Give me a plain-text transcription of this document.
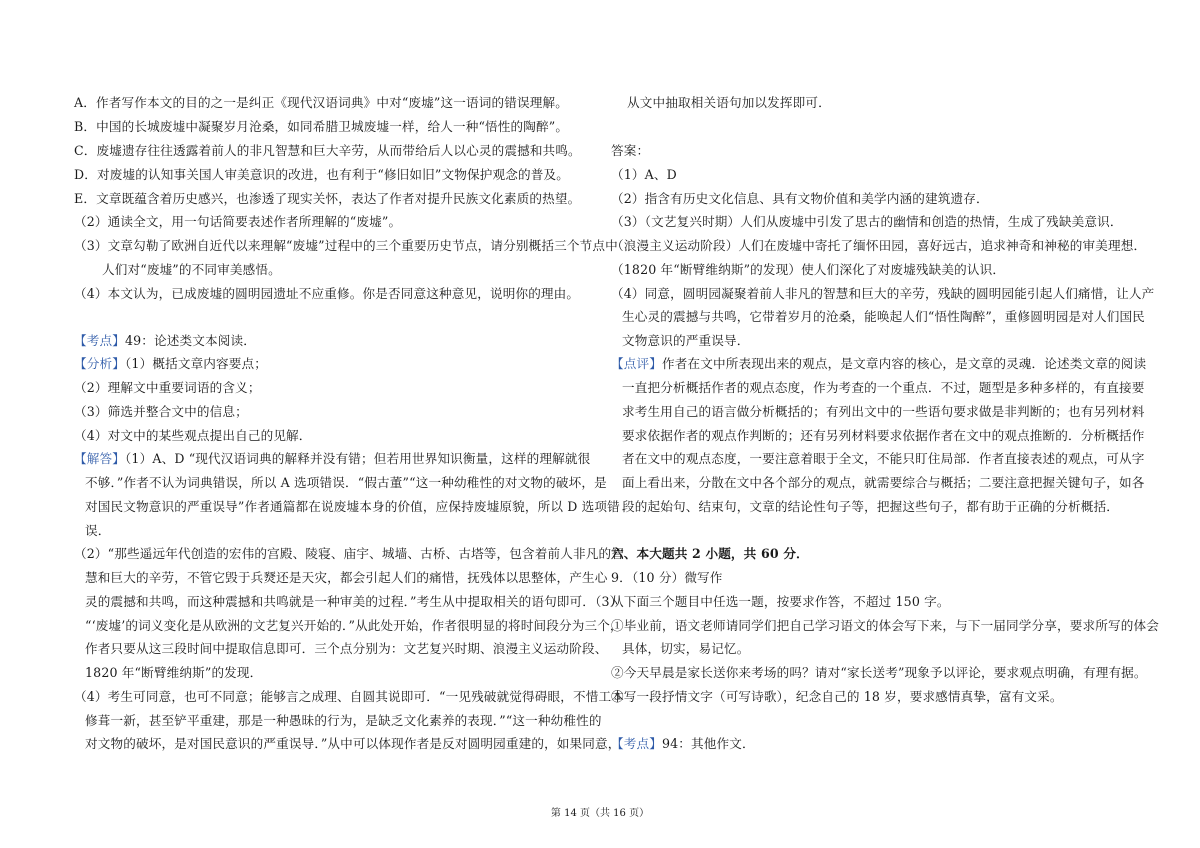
A．作者写作本文的目的之一是纠正《现代汉语词典》中对“废墟”这一语词的错误理解。
B．中国的长城废墟中凝聚岁月沧桑，如同希腊卫城废墟一样，给人一种“悟性的陶醉”。
C．废墟遗存往往透露着前人的非凡智慧和巨大辛劳，从而带给后人以心灵的震撼和共鸣。
D．对废墟的认知事关国人审美意识的改进，也有利于“修旧如旧”文物保护观念的普及。
E．文章既蕴含着历史感兴，也渗透了现实关怀，表达了作者对提升民族文化素质的热望。
（2）通读全文，用一句话简要表述作者所理解的“废墟”。
（3）文章勾勒了欧洲自近代以来理解“废墟”过程中的三个重要历史节点，请分别概括三个节点中
人们对“废墟”的不同审美感悟。
（4）本文认为，已成废墟的圆明园遗址不应重修。你是否同意这种意见，说明你的理由。
【考点】49：论述类文本阅读．
【分析】（1）概括文章内容要点；
（2）理解文中重要词语的含义；
（3）筛选并整合文中的信息；
（4）对文中的某些观点提出自己的见解．
【解答】（1）A、D “现代汉语词典的解释并没有错；但若用世界知识衡量，这样的理解就很
不够．”作者不认为词典错误，所以 A 选项错误．“假古董”“这一种幼稚性的对文物的破坏，是
对国民文物意识的严重误导”作者通篇都在说废墟本身的价值，应保持废墟原貌，所以 D 选项错
误．
（2）“那些遥远年代创造的宏伟的宫殿、陵寝、庙宇、城墙、古桥、古塔等，包含着前人非凡的智
慧和巨大的辛劳，不管它毁于兵燹还是天灾，都会引起人们的痛惜，抚残体以思整体，产生心
灵的震撼和共鸣，而这种震撼和共鸣就是一种审美的过程．”考生从中提取相关的语句即可．（3）
“‘废墟’的词义变化是从欧洲的文艺复兴开始的．”从此处开始，作者很明显的将时间段分为三个，
作者只要从这三段时间中提取信息即可．三个点分别为：文艺复兴时期、浪漫主义运动阶段、
1820 年“断臂维纳斯”的发现．
（4）考生可同意，也可不同意；能够言之成理、自圆其说即可．“一见残破就觉得碍眼，不惜工本
修葺一新，甚至铲平重建，那是一种愚昧的行为，是缺乏文化素养的表现．”“这一种幼稚性的
对文物的破坏，是对国民意识的严重误导．”从中可以体现作者是反对圆明园重建的，如果同意，
从文中抽取相关语句加以发挥即可．
答案：
（1）A、D
（2）指含有历史文化信息、具有文物价值和美学内涵的建筑遗存．
（3）（文艺复兴时期）人们从废墟中引发了思古的幽情和创造的热情，生成了残缺美意识．
（浪漫主义运动阶段）人们在废墟中寄托了缅怀田园，喜好远古，追求神奇和神秘的审美理想．
（1820 年“断臂维纳斯”的发现）使人们深化了对废墟残缺美的认识．
（4）同意，圆明园凝聚着前人非凡的智慧和巨大的辛劳，残缺的圆明园能引起人们痛惜，让人产
生心灵的震撼与共鸣，它带着岁月的沧桑，能唤起人们“悟性陶醉”，重修圆明园是对人们国民
文物意识的严重误导．
【点评】作者在文中所表现出来的观点，是文章内容的核心，是文章的灵魂．论述类文章的阅读
一直把分析概括作者的观点态度，作为考查的一个重点．不过，题型是多种多样的，有直接要
求考生用自己的语言做分析概括的；有列出文中的一些语句要求做是非判断的；也有另列材料
要求依据作者的观点作判断的；还有另列材料要求依据作者在文中的观点推断的．分析概括作
者在文中的观点态度，一要注意着眼于全文，不能只盯住局部．作者直接表述的观点，可从字
面上看出来，分散在文中各个部分的观点，就需要综合与概括；二要注意把握关键句子，如各
段的起始句、结束句，文章的结论性句子等，把握这些句子，都有助于正确的分析概括．
六、本大题共 2 小题，共 60 分．
9．（10 分）微写作
从下面三个题目中任选一题，按要求作答，不超过 150 字。
①毕业前，语文老师请同学们把自己学习语文的体会写下来，与下一届同学分享，要求所写的体会
具体，切实，易记忆。
②今天早晨是家长送你来考场的吗？请对“家长送考”现象予以评论，要求观点明确，有理有据。
③写一段抒情文字（可写诗歌），纪念自己的 18 岁，要求感情真挚，富有文采。
【考点】94：其他作文．
第 14 页（共 16 页）
